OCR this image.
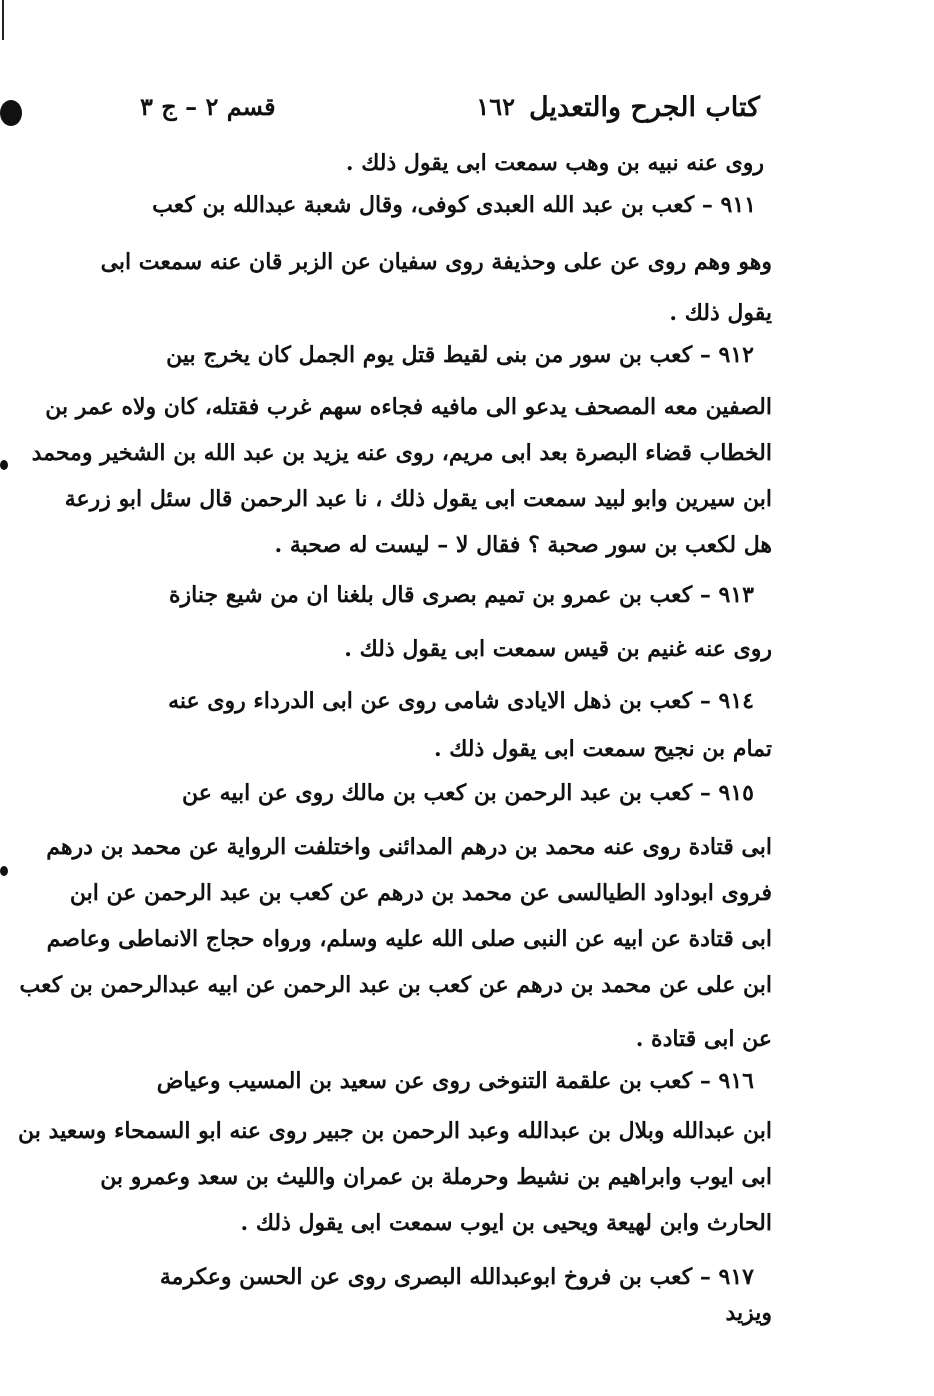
كتاب الجرح والتعديل
١٦٢
قسم ٢ – ج ٣
روى عنه نبيه بن وهب سمعت ابى يقول ذلك .
٩١١ – كعب بن عبد الله العبدى كوفى، وقال شعبة عبدالله بن كعب
وهو وهم روى عن على وحذيفة روى سفيان عن الزبر قان عنه سمعت ابى
يقول ذلك .
٩١٢ – كعب بن سور من بنى لقيط قتل يوم الجمل كان يخرج بين
الصفين معه المصحف يدعو الى مافيه فجاءه سهم غرب فقتله، كان ولاه عمر بن
الخطاب قضاء البصرة بعد ابى مريم، روى عنه يزيد بن عبد الله بن الشخير ومحمد
ابن سيرين وابو لبيد سمعت ابى يقول ذلك ، نا عبد الرحمن قال سئل ابو زرعة
هل لكعب بن سور صحبة ؟ فقال لا – ليست له صحبة .
٩١٣ – كعب بن عمرو بن تميم بصرى قال بلغنا ان من شيع جنازة
روى عنه غنيم بن قيس سمعت ابى يقول ذلك .
٩١٤ – كعب بن ذهل الايادى شامى روى عن ابى الدرداء روى عنه
تمام بن نجيح سمعت ابى يقول ذلك .
٩١٥ – كعب بن عبد الرحمن بن كعب بن مالك روى عن ابيه عن
ابى قتادة روى عنه محمد بن درهم المدائنى واختلفت الرواية عن محمد بن درهم
فروى ابوداود الطيالسى عن محمد بن درهم عن كعب بن عبد الرحمن عن ابن
ابى قتادة عن ابيه عن النبى صلى الله عليه وسلم، ورواه حجاج الانماطى وعاصم
ابن على عن محمد بن درهم عن كعب بن عبد الرحمن عن ابيه عبدالرحمن بن كعب
عن ابى قتادة .
٩١٦ – كعب بن علقمة التنوخى روى عن سعيد بن المسيب وعياض
ابن عبدالله وبلال بن عبدالله وعبد الرحمن بن جبير روى عنه ابو السمحاء وسعيد بن
ابى ايوب وابراهيم بن نشيط وحرملة بن عمران والليث بن سعد وعمرو بن
الحارث وابن لهيعة ويحيى بن ايوب سمعت ابى يقول ذلك .
٩١٧ – كعب بن فروخ ابوعبدالله البصرى روى عن الحسن وعكرمة
ويزيد
